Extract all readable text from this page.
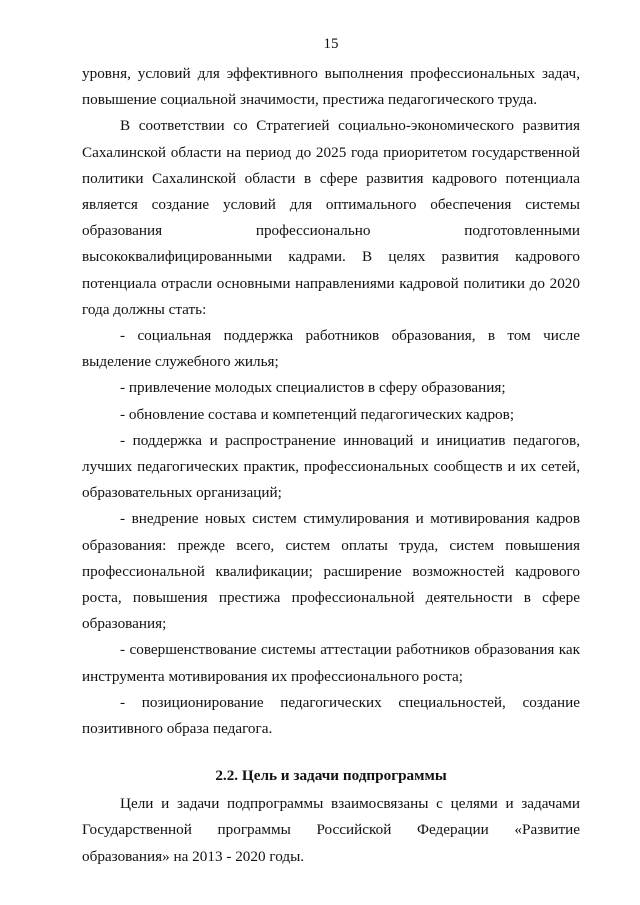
15

уровня, условий для эффективного выполнения профессиональных задач, повышение социальной значимости, престижа педагогического труда.

В соответствии со Стратегией социально-экономического развития Сахалинской области на период до 2025 года приоритетом государственной политики Сахалинской области в сфере развития кадрового потенциала является создание условий для оптимального обеспечения системы образования профессионально подготовленными высококвалифицированными кадрами. В целях развития кадрового потенциала отрасли основными направлениями кадровой политики до 2020 года должны стать:

- социальная поддержка работников образования, в том числе выделение служебного жилья;

- привлечение молодых специалистов в сферу образования;

- обновление состава и компетенций педагогических кадров;

- поддержка и распространение инноваций и инициатив педагогов, лучших педагогических практик, профессиональных сообществ и их сетей, образовательных организаций;

- внедрение новых систем стимулирования и мотивирования кадров образования: прежде всего, систем оплаты труда, систем повышения профессиональной квалификации; расширение возможностей кадрового роста, повышения престижа профессиональной деятельности в сфере образования;

- совершенствование системы аттестации работников образования как инструмента мотивирования их профессионального роста;

- позиционирование педагогических специальностей, создание позитивного образа педагога.

2.2. Цель и задачи подпрограммы

Цели и задачи подпрограммы взаимосвязаны с целями и задачами Государственной программы Российской Федерации «Развитие образования» на 2013 - 2020 годы.
